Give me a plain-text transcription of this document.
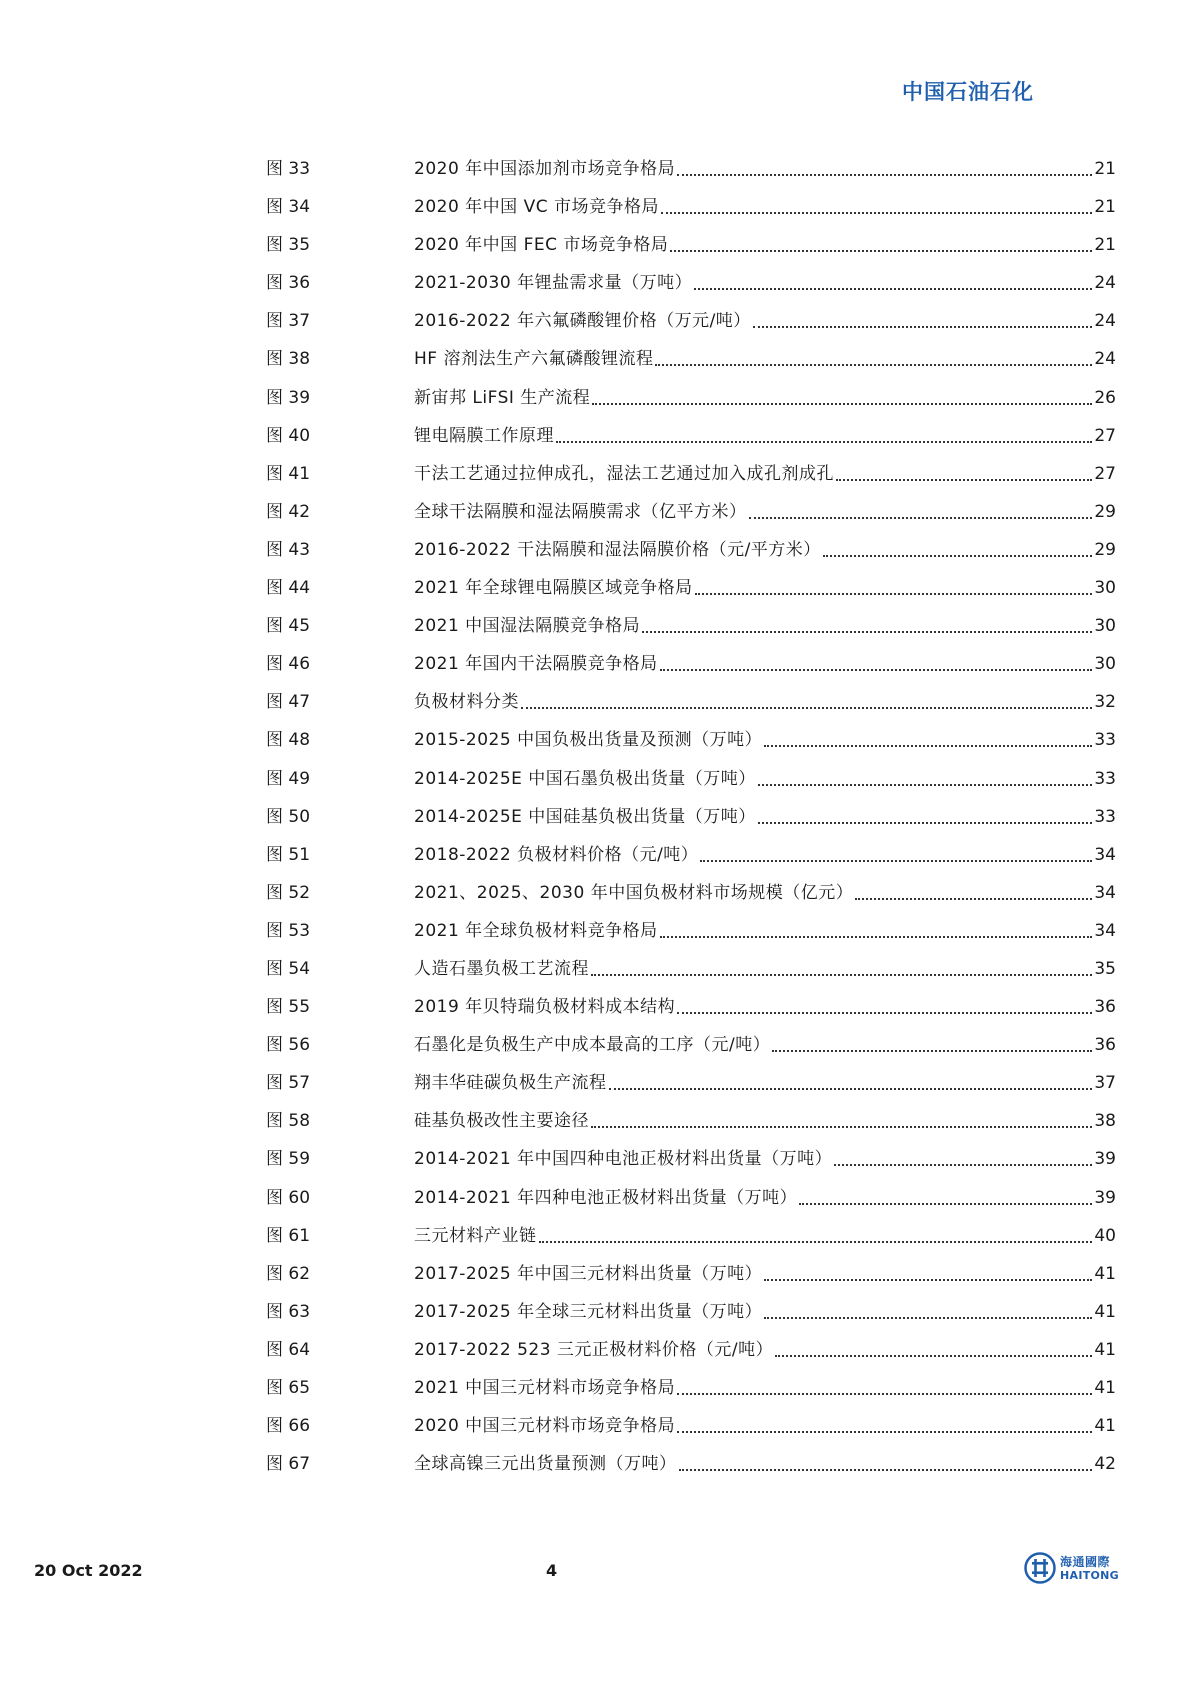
中国石油石化
图 33	2020 年中国添加剂市场竞争格局	21
图 34	2020 年中国 VC 市场竞争格局	21
图 35	2020 年中国 FEC 市场竞争格局	21
图 36	2021-2030 年锂盐需求量（万吨）	24
图 37	2016-2022 年六氟磷酸锂价格（万元/吨）	24
图 38	HF 溶剂法生产六氟磷酸锂流程	24
图 39	新宙邦 LiFSI 生产流程	26
图 40	锂电隔膜工作原理	27
图 41	干法工艺通过拉伸成孔，湿法工艺通过加入成孔剂成孔	27
图 42	全球干法隔膜和湿法隔膜需求（亿平方米）	29
图 43	2016-2022 干法隔膜和湿法隔膜价格（元/平方米）	29
图 44	2021 年全球锂电隔膜区域竞争格局	30
图 45	2021 中国湿法隔膜竞争格局	30
图 46	2021 年国内干法隔膜竞争格局	30
图 47	负极材料分类	32
图 48	2015-2025 中国负极出货量及预测（万吨）	33
图 49	2014-2025E 中国石墨负极出货量（万吨）	33
图 50	2014-2025E 中国硅基负极出货量（万吨）	33
图 51	2018-2022 负极材料价格（元/吨）	34
图 52	2021、2025、2030 年中国负极材料市场规模（亿元）	34
图 53	2021 年全球负极材料竞争格局	34
图 54	人造石墨负极工艺流程	35
图 55	2019 年贝特瑞负极材料成本结构	36
图 56	石墨化是负极生产中成本最高的工序（元/吨）	36
图 57	翔丰华硅碳负极生产流程	37
图 58	硅基负极改性主要途径	38
图 59	2014-2021 年中国四种电池正极材料出货量（万吨）	39
图 60	2014-2021 年四种电池正极材料出货量（万吨）	39
图 61	三元材料产业链	40
图 62	2017-2025 年中国三元材料出货量（万吨）	41
图 63	2017-2025 年全球三元材料出货量（万吨）	41
图 64	2017-2022 523 三元正极材料价格（元/吨）	41
图 65	2021 中国三元材料市场竞争格局	41
图 66	2020 中国三元材料市场竞争格局	41
图 67	全球高镍三元出货量预测（万吨）	42
20 Oct 2022	4	海通國際
HAITONG
